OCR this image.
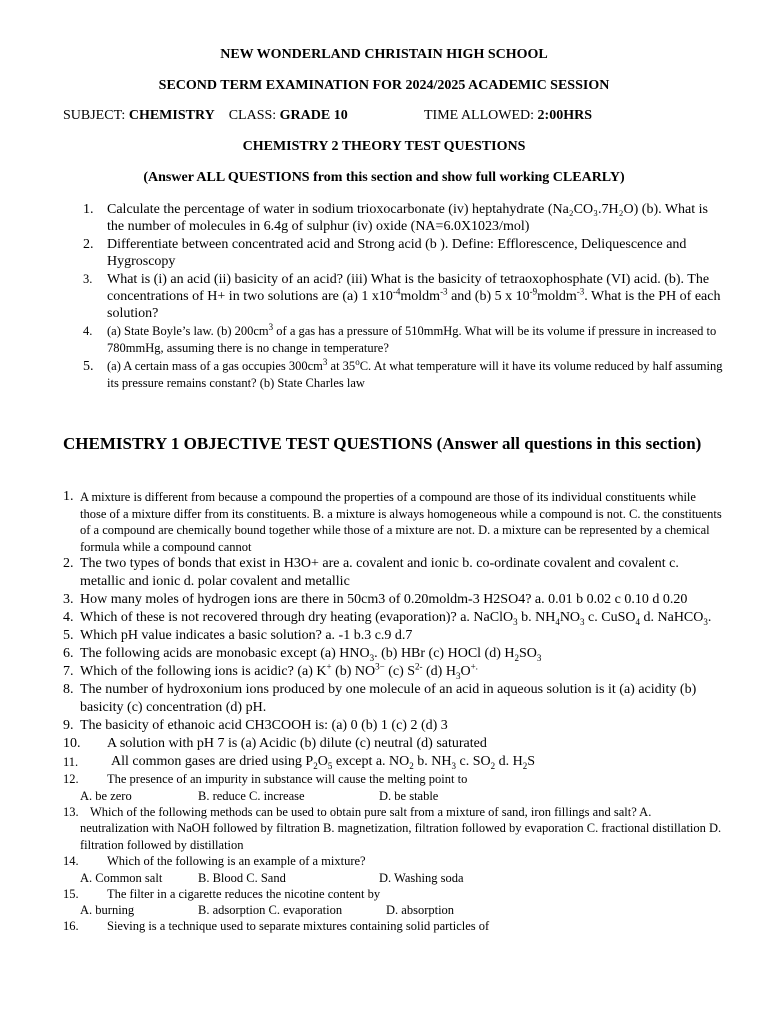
NEW WONDERLAND CHRISTAIN HIGH SCHOOL
SECOND TERM EXAMINATION FOR 2024/2025 ACADEMIC SESSION
SUBJECT: CHEMISTRY CLASS: GRADE 10	TIME ALLOWED: 2:00HRS
CHEMISTRY 2 THEORY TEST QUESTIONS
(Answer ALL QUESTIONS from this section and show full working CLEARLY)
1. Calculate the percentage of water in sodium trioxocarbonate (iv) heptahydrate (Na₂CO₃.7H₂O) (b). What is the number of molecules in 6.4g of sulphur (iv) oxide (NA=6.0X1023/mol)
2. Differentiate between concentrated acid and Strong acid (b ). Define: Efflorescence, Deliquescence and Hygroscopy
3. What is (i) an acid (ii) basicity of an acid? (iii) What is the basicity of tetraoxophosphate (VI) acid. (b). The concentrations of H+ in two solutions are (a) 1 $x10^{-4}moldm^{-3}$ and (b) 5 x $10^{-9}moldm^{-3}$. What is the PH of each solution?
4. (a) State Boyle’s law. (b) $200cm^3$ of a gas has a pressure of 510mmHg. What will be its volume if pressure in increased to 780mmHg, assuming there is no change in temperature?
5. (a) A certain mass of a gas occupies $300cm^3$ at 35$^o$C. At what temperature will it have its volume reduced by half assuming its pressure remains constant? (b) State Charles law
CHEMISTRY 1 OBJECTIVE TEST QUESTIONS (Answer all questions in this section)
1. A mixture is different from because a compound the properties of a compound are those of its individual constituents while those of a mixture differ from its constituents. B. a mixture is always homogeneous while a compound is not. C. the constituents of a compound are chemically bound together while those of a mixture are not. D. a mixture can be represented by a chemical formula while a compound cannot
2. The two types of bonds that exist in H3O+ are a. covalent and ionic b. co-ordinate covalent and covalent c. metallic and ionic d. polar covalent and metallic
3. How many moles of hydrogen ions are there in 50cm3 of 0.20moldm-3 H2SO4? a. 0.01 b 0.02 c 0.10 d 0.20
4. Which of these is not recovered through dry heating (evaporation)? a. NaClO$_3$ b. $NH_4NO_3$ c. CuSO$_4$ d. NaHCO$_3$.
5. Which pH value indicates a basic solution? a. -1 b.3 c.9 d.7
6. The following acids are monobasic except (a) $HNO_3$. (b) HBr (c) HOCl (d) $H_2SO_3$
7. Which of the following ions is acidic? (a) K+ (b) $NO^{3-}$ (c) $S^{2-}$ (d) $H_3O^{+.}$
8. The number of hydroxonium ions produced by one molecule of an acid in aqueous solution is it (a) acidity (b) basicity (c) concentration (d) pH.
9. The basicity of ethanoic acid CH3COOH is: (a) 0 (b) 1 (c) 2 (d) 3
10. A solution with pH 7 is (a) Acidic (b) dilute (c) neutral (d) saturated
11. All common gases are dried using $P_2O_5$ except a. $NO_2$ b. $NH_3$ c. $SO_2$ d. $H_2S$
12. The presence of an impurity in substance will cause the melting point to
A. be zero	B. reduce C. increase	D. be stable
13. Which of the following methods can be used to obtain pure salt from a mixture of sand, iron fillings and salt? A. neutralization with NaOH followed by filtration B. magnetization, filtration followed by evaporation C. fractional distillation D. filtration followed by distillation
14. Which of the following is an example of a mixture?
A. Common salt	B. Blood C. Sand	D. Washing soda
15. The filter in a cigarette reduces the nicotine content by
A. burning	B. adsorption C. evaporation	D. absorption
16. Sieving is a technique used to separate mixtures containing solid particles of
